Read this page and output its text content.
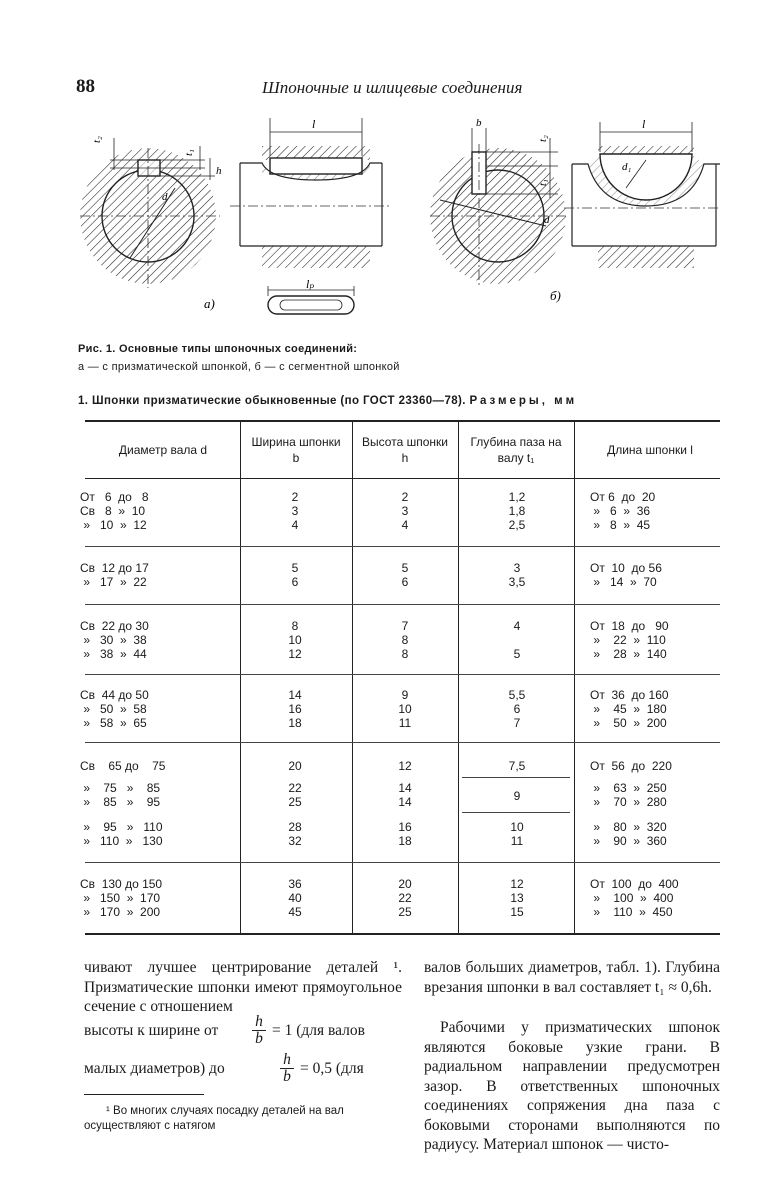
88	Шпоночные и шлицевые соединения
t₂
t₁
h
d
l
lₚ
а)
b
t₂
t₁
d
l
d₁
б)
Рис. 1. Основные типы шпоночных соединений:
а — с призматической шпонкой, б — с сегментной шпонкой
1. Шпонки призматические обыкновенные (по ГОСТ 23360—78). Размеры, мм
Диаметр вала d
Ширина шпонки b
Высота шпонки h
Глубина паза на валу t₁
Длина шпонки l
От   6  до   8
Св   8  »  10
»   10  »  12
2
3
4
2
3
4
1,2
1,8
2,5
От 6  до  20
»   6  »  36
»   8  »  45
Св  12 до 17
»   17  »  22
5
6
5
6
3
3,5
От  10  до 56
»   14  »  70
Св  22 до 30
»   30  »  38
»   38  »  44
8
10
12
7
8
8
4
5
От  18  до   90
»    22  »  110
»    28  »  140
Св  44 до 50
»   50  »  58
»   58  »  65
14
16
18
9
10
11
5,5
6
7
От  36  до 160
»    45  »  180
»    50  »  200
Св    65 до    75
»    75   »    85
»    85   »    95
»    95   »   110
»   110  »   130
20
22
25
28
32
12
14
14
16
18
7,5
9
10
11
От  56  до  220
»    63  »  250
»    70  »  280
»    80  »  320
»    90  »  360
Св  130 до 150
»   150  »  170
»   170  »  200
36
40
45
20
22
25
12
13
15
От  100  до  400
»    100  »  400
»    110  »  450
чивают лучшее центрирование деталей ¹. Призматические шпонки имеют прямоугольное сечение с отношением
высоты к ширине от $\frac{h}{b} = 1$ (для валов
малых диаметров) до	$\frac{h}{b} = 0,5$ (для
¹ Во многих случаях посадку деталей на вал осуществляют с натягом
валов больших диаметров, табл. 1). Глубина врезания шпонки в вал составляет t₁ ≈ 0,6h.
Рабочими у призматических шпонок являются боковые узкие грани. В радиальном направлении предусмотрен зазор. В ответственных шпоночных соединениях сопряжения дна паза с боковыми сторонами выполняются по радиусу. Материал шпонок — чисто-
